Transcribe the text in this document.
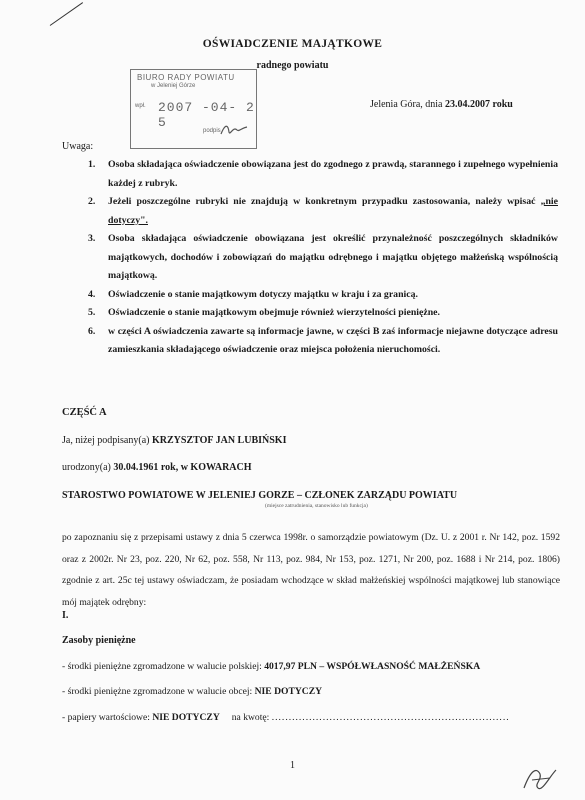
OŚWIADCZENIE MAJĄTKOWE
radnego powiatu
BIURO RADY POWIATU
w Jeleniej Górze
wpł. 2007 -04- 2 5
podpis
Jelenia Góra, dnia 23.04.2007 roku
Uwaga:
1. Osoba składająca oświadczenie obowiązana jest do zgodnego z prawdą, starannego i zupełnego wypełnienia każdej z rubryk.
2. Jeżeli poszczególne rubryki nie znajdują w konkretnym przypadku zastosowania, należy wpisać „nie dotyczy".
3. Osoba składająca oświadczenie obowiązana jest określić przynależność poszczególnych składników majątkowych, dochodów i zobowiązań do majątku odrębnego i majątku objętego małżeńską wspólnością majątkową.
4. Oświadczenie o stanie majątkowym dotyczy majątku w kraju i za granicą.
5. Oświadczenie o stanie majątkowym obejmuje również wierzytelności pieniężne.
6. w części A oświadczenia zawarte są informacje jawne, w części B zaś informacje niejawne dotyczące adresu zamieszkania składającego oświadczenie oraz miejsca położenia nieruchomości.
CZĘŚĆ A
Ja, niżej podpisany(a) KRZYSZTOF JAN LUBIŃSKI
urodzony(a) 30.04.1961 rok, w KOWARACH
STAROSTWO POWIATOWE W JELENIEJ GORZE – CZŁONEK ZARZĄDU POWIATU
(miejsce zatrudnienia, stanowisko lub funkcja)
po zapoznaniu się z przepisami ustawy z dnia 5 czerwca 1998r. o samorządzie powiatowym (Dz. U. z 2001 r. Nr 142, poz. 1592 oraz z 2002r. Nr 23, poz. 220, Nr 62, poz. 558, Nr 113, poz. 984, Nr 153, poz. 1271, Nr 200, poz. 1688 i Nr 214, poz. 1806) zgodnie z art. 25c tej ustawy oświadczam, że posiadam wchodzące w skład małżeńskiej wspólności majątkowej lub stanowiące mój majątek odrębny:
I.
Zasoby pieniężne
- środki pieniężne zgromadzone w walucie polskiej: 4017,97 PLN – WSPÓŁWŁASNOŚĆ MAŁŻEŃSKA
- środki pieniężne zgromadzone w walucie obcej: NIE DOTYCZY
- papiery wartościowe: NIE DOTYCZY     na kwotę: ......................................................................
1
